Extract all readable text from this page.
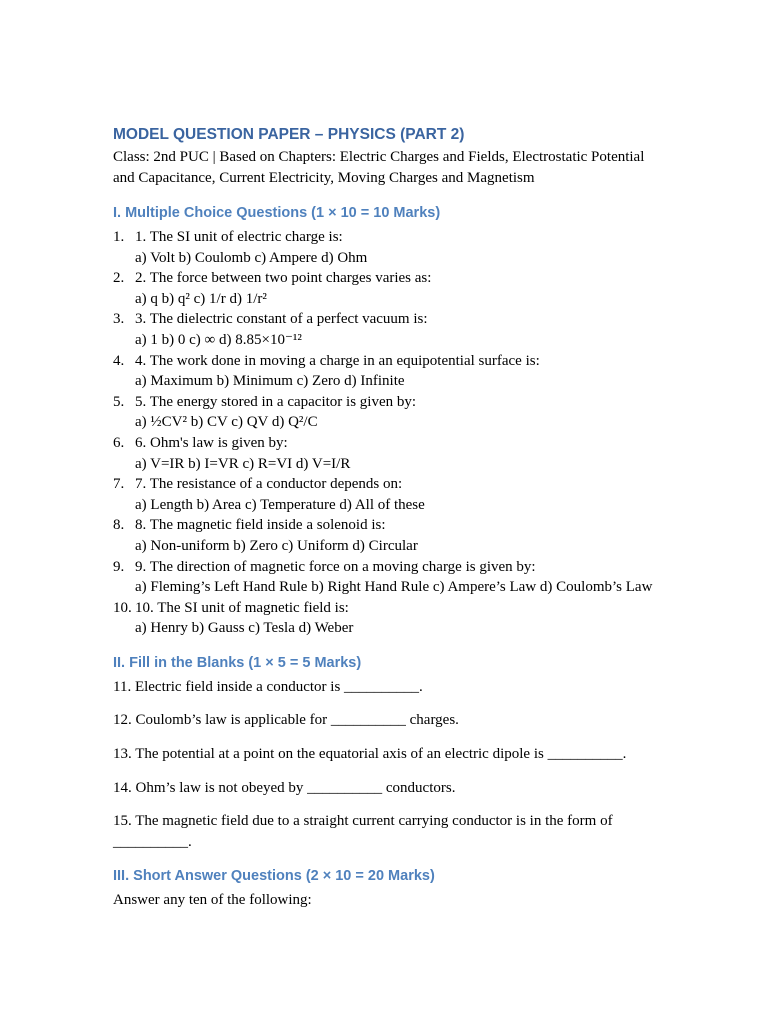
MODEL QUESTION PAPER – PHYSICS (PART 2)

Class: 2nd PUC | Based on Chapters: Electric Charges and Fields, Electrostatic Potential and Capacitance, Current Electricity, Moving Charges and Magnetism

I. Multiple Choice Questions (1 × 10 = 10 Marks)
1. 1. The SI unit of electric charge is:
a) Volt b) Coulomb c) Ampere d) Ohm
2. 2. The force between two point charges varies as:
a) q b) q² c) 1/r d) 1/r²
3. 3. The dielectric constant of a perfect vacuum is:
a) 1 b) 0 c) ∞ d) 8.85×10⁻¹²
4. 4. The work done in moving a charge in an equipotential surface is:
a) Maximum b) Minimum c) Zero d) Infinite
5. 5. The energy stored in a capacitor is given by:
a) ½CV² b) CV c) QV d) Q²/C
6. 6. Ohm's law is given by:
a) V=IR b) I=VR c) R=VI d) V=I/R
7. 7. The resistance of a conductor depends on:
a) Length b) Area c) Temperature d) All of these
8. 8. The magnetic field inside a solenoid is:
a) Non-uniform b) Zero c) Uniform d) Circular
9. 9. The direction of magnetic force on a moving charge is given by:
a) Fleming’s Left Hand Rule b) Right Hand Rule c) Ampere’s Law d) Coulomb’s Law
10. 10. The SI unit of magnetic field is:
a) Henry b) Gauss c) Tesla d) Weber
II. Fill in the Blanks (1 × 5 = 5 Marks)

11. Electric field inside a conductor is __________.

12. Coulomb’s law is applicable for __________ charges.

13. The potential at a point on the equatorial axis of an electric dipole is __________.

14. Ohm’s law is not obeyed by __________ conductors.

15. The magnetic field due to a straight current carrying conductor is in the form of __________.

III. Short Answer Questions (2 × 10 = 20 Marks)

Answer any ten of the following:
